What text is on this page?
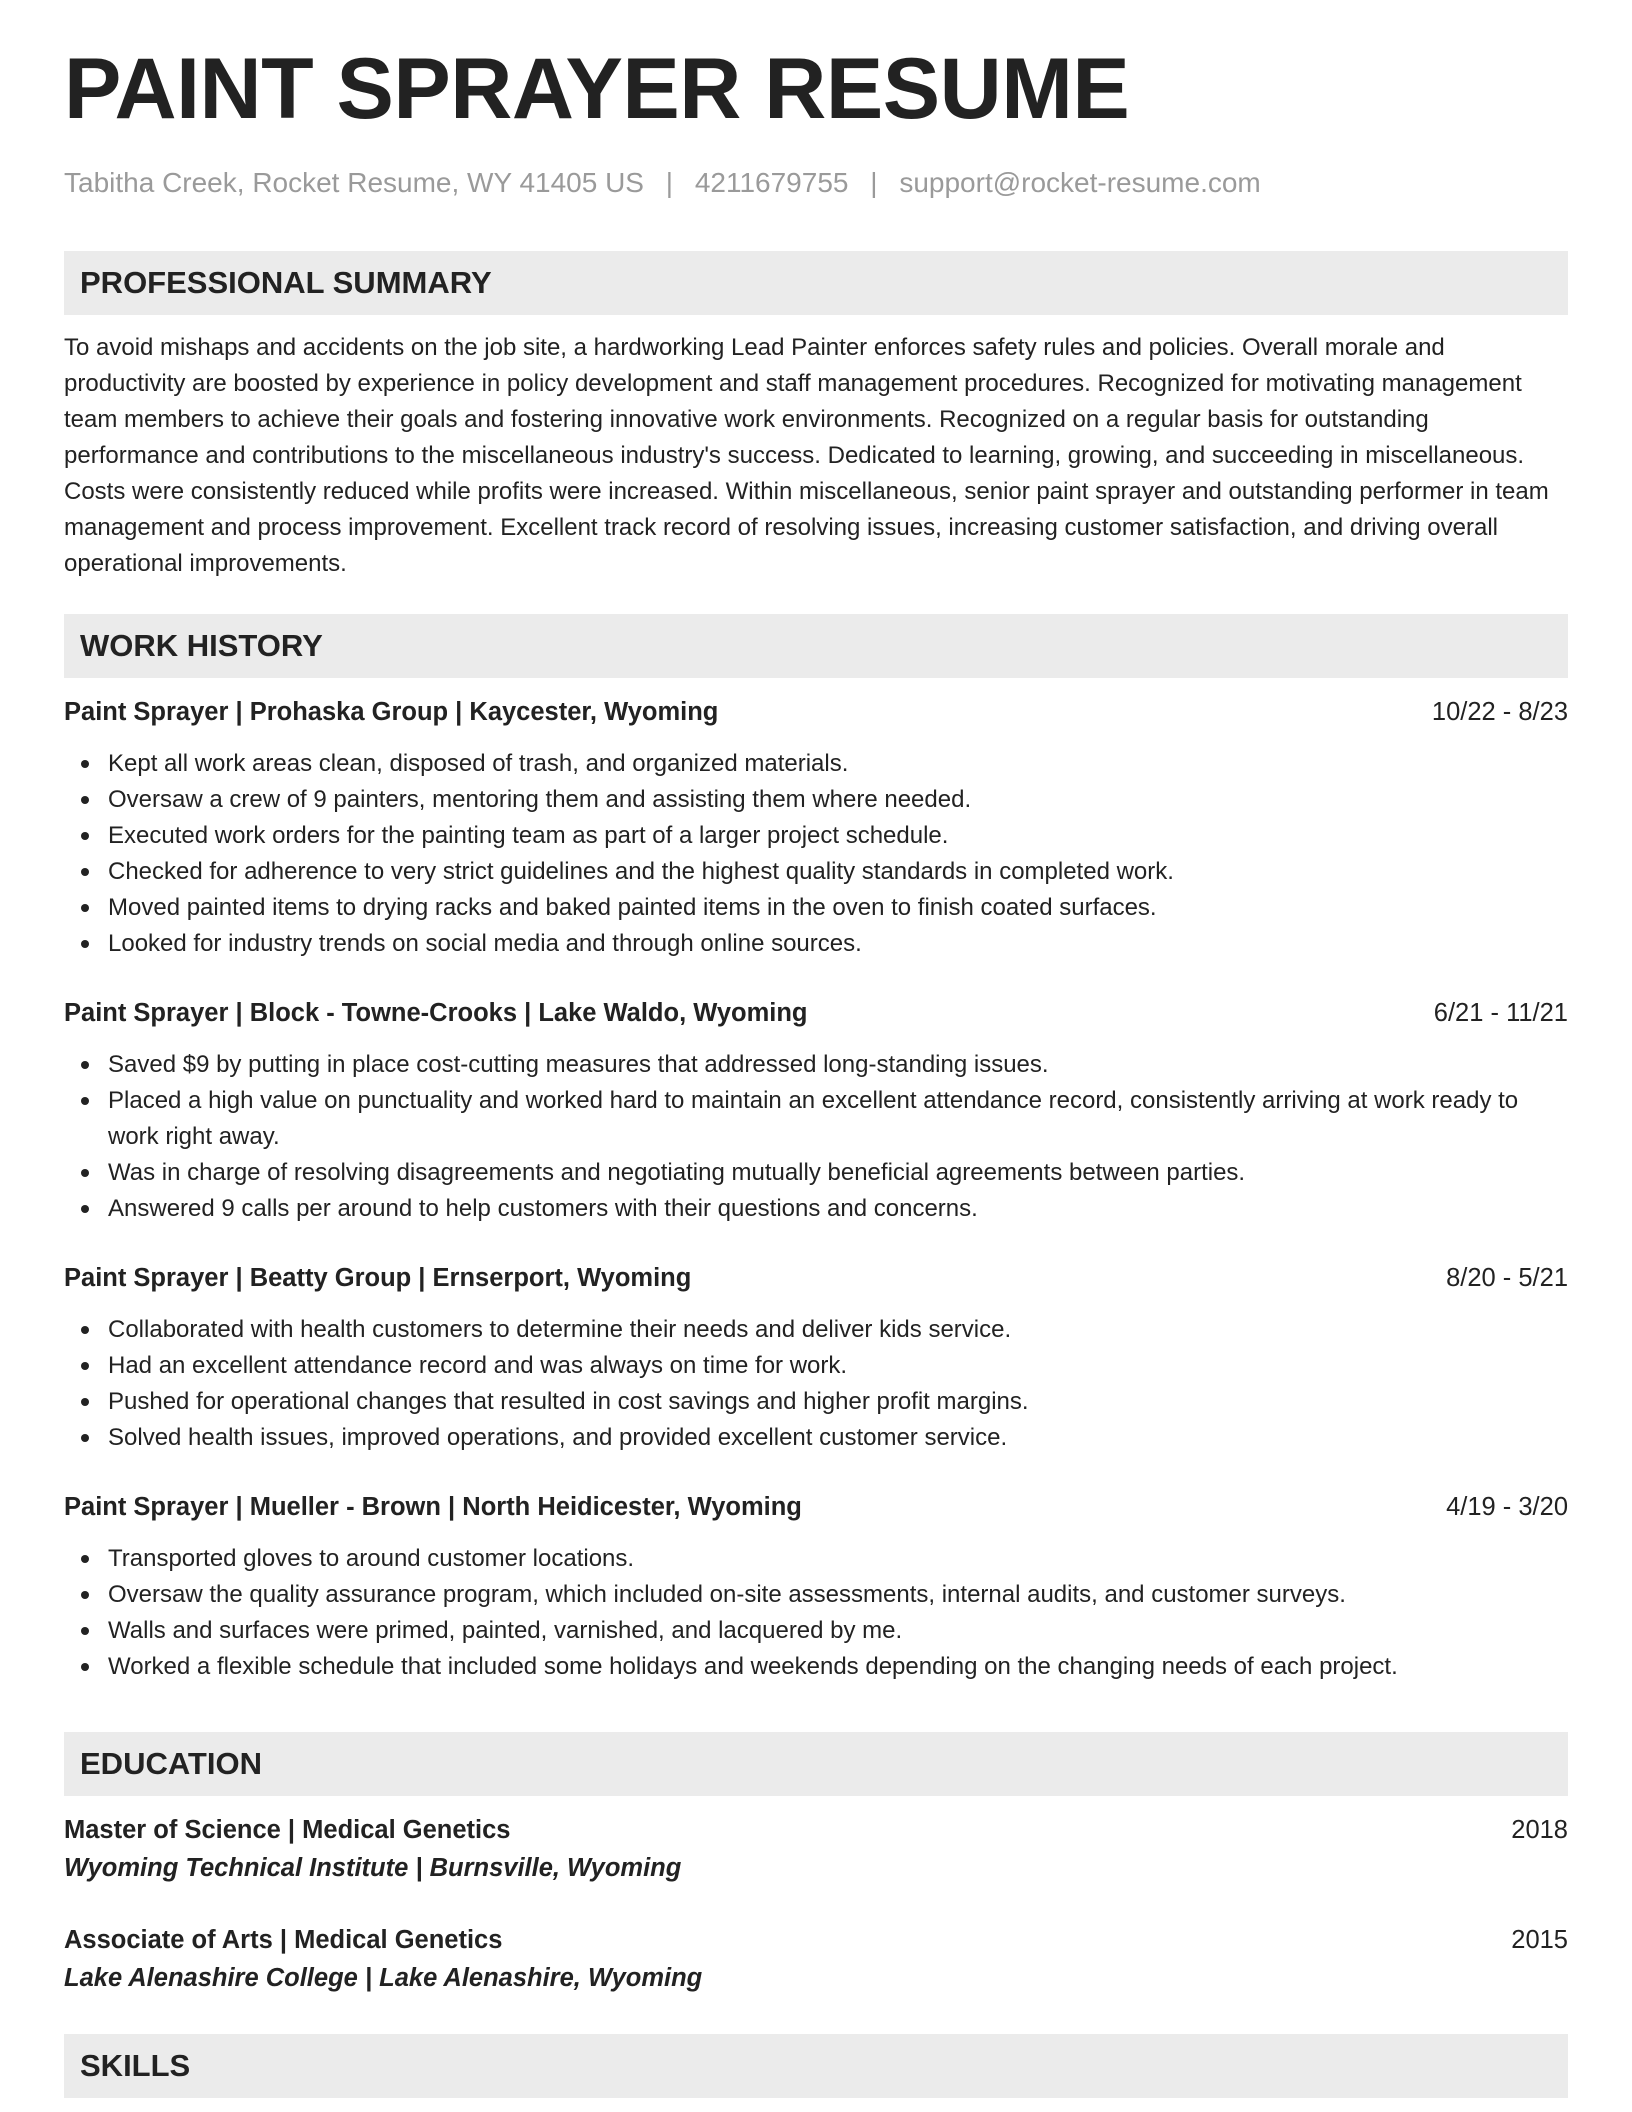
PAINT SPRAYER RESUME
Tabitha Creek, Rocket Resume, WY 41405 US | 4211679755 | support@rocket-resume.com
PROFESSIONAL SUMMARY

To avoid mishaps and accidents on the job site, a hardworking Lead Painter enforces safety rules and policies. Overall morale and productivity are boosted by experience in policy development and staff management procedures. Recognized for motivating management team members to achieve their goals and fostering innovative work environments. Recognized on a regular basis for outstanding performance and contributions to the miscellaneous industry's success. Dedicated to learning, growing, and succeeding in miscellaneous. Costs were consistently reduced while profits were increased. Within miscellaneous, senior paint sprayer and outstanding performer in team management and process improvement. Excellent track record of resolving issues, increasing customer satisfaction, and driving overall operational improvements.

WORK HISTORY
Paint Sprayer | Prohaska Group | Kaycester, Wyoming	10/22 - 8/23
Kept all work areas clean, disposed of trash, and organized materials.
Oversaw a crew of 9 painters, mentoring them and assisting them where needed.
Executed work orders for the painting team as part of a larger project schedule.
Checked for adherence to very strict guidelines and the highest quality standards in completed work.
Moved painted items to drying racks and baked painted items in the oven to finish coated surfaces.
Looked for industry trends on social media and through online sources.
Paint Sprayer | Block - Towne-Crooks | Lake Waldo, Wyoming	6/21 - 11/21
Saved $9 by putting in place cost-cutting measures that addressed long-standing issues.
Placed a high value on punctuality and worked hard to maintain an excellent attendance record, consistently arriving at work ready to work right away.
Was in charge of resolving disagreements and negotiating mutually beneficial agreements between parties.
Answered 9 calls per around to help customers with their questions and concerns.
Paint Sprayer | Beatty Group | Ernserport, Wyoming	8/20 - 5/21
Collaborated with health customers to determine their needs and deliver kids service.
Had an excellent attendance record and was always on time for work.
Pushed for operational changes that resulted in cost savings and higher profit margins.
Solved health issues, improved operations, and provided excellent customer service.
Paint Sprayer | Mueller - Brown | North Heidicester, Wyoming	4/19 - 3/20
Transported gloves to around customer locations.
Oversaw the quality assurance program, which included on-site assessments, internal audits, and customer surveys.
Walls and surfaces were primed, painted, varnished, and lacquered by me.
Worked a flexible schedule that included some holidays and weekends depending on the changing needs of each project.
EDUCATION
Master of Science | Medical Genetics	2018
Wyoming Technical Institute | Burnsville, Wyoming
Associate of Arts | Medical Genetics	2015
Lake Alenashire College | Lake Alenashire, Wyoming
SKILLS
